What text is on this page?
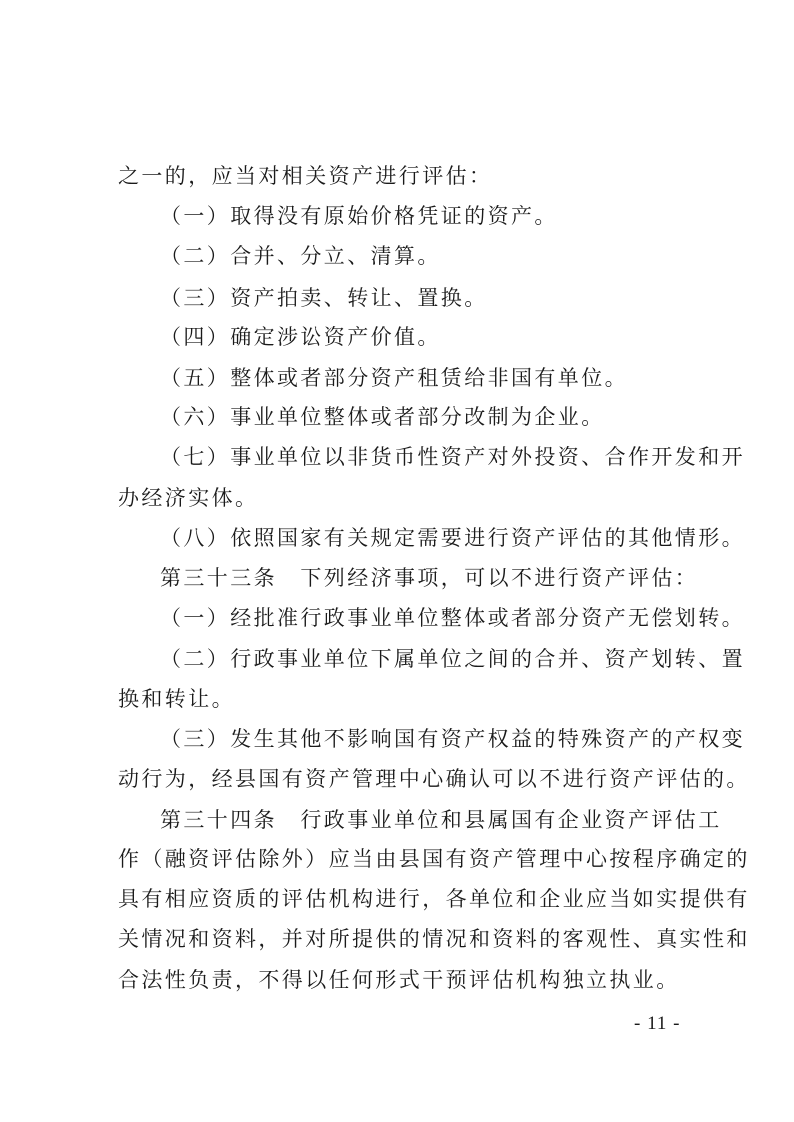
之一的，应当对相关资产进行评估：
（一）取得没有原始价格凭证的资产。
（二）合并、分立、清算。
（三）资产拍卖、转让、置换。
（四）确定涉讼资产价值。
（五）整体或者部分资产租赁给非国有单位。
（六）事业单位整体或者部分改制为企业。
（七）事业单位以非货币性资产对外投资、合作开发和开
办经济实体。
（八）依照国家有关规定需要进行资产评估的其他情形。
第三十三条　下列经济事项，可以不进行资产评估：
（一）经批准行政事业单位整体或者部分资产无偿划转。
（二）行政事业单位下属单位之间的合并、资产划转、置
换和转让。
（三）发生其他不影响国有资产权益的特殊资产的产权变
动行为，经县国有资产管理中心确认可以不进行资产评估的。
第三十四条　行政事业单位和县属国有企业资产评估工
作（融资评估除外）应当由县国有资产管理中心按程序确定的
具有相应资质的评估机构进行，各单位和企业应当如实提供有
关情况和资料，并对所提供的情况和资料的客观性、真实性和
合法性负责，不得以任何形式干预评估机构独立执业。
- 11 -
